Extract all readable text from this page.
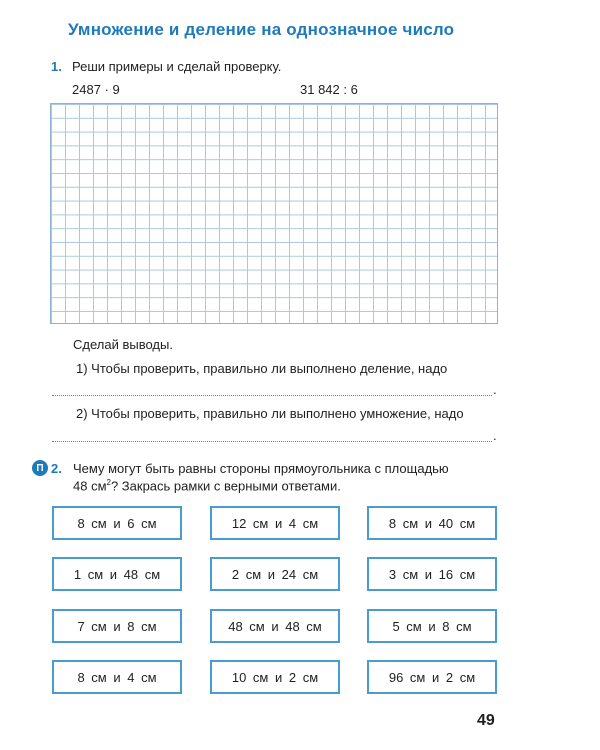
Умножение и деление на однозначное число
1. Реши примеры и сделай проверку.
2487 · 9	31 842 : 6
Сделай выводы.
1) Чтобы проверить, правильно ли выполнено деление, надо
.
2) Чтобы проверить, правильно ли выполнено умножение, надо
.
П 2. Чему могут быть равны стороны прямоугольника с площадью
48 $см^2$? Закрась рамки с верными ответами.
8 см и 6 см	12 см и 4 см	8 см и 40 см
1 см и 48 см	2 см и 24 см	3 см и 16 см
7 см и 8 см	48 см и 48 см	5 см и 8 см
8 см и 4 см	10 см и 2 см	96 см и 2 см
49
